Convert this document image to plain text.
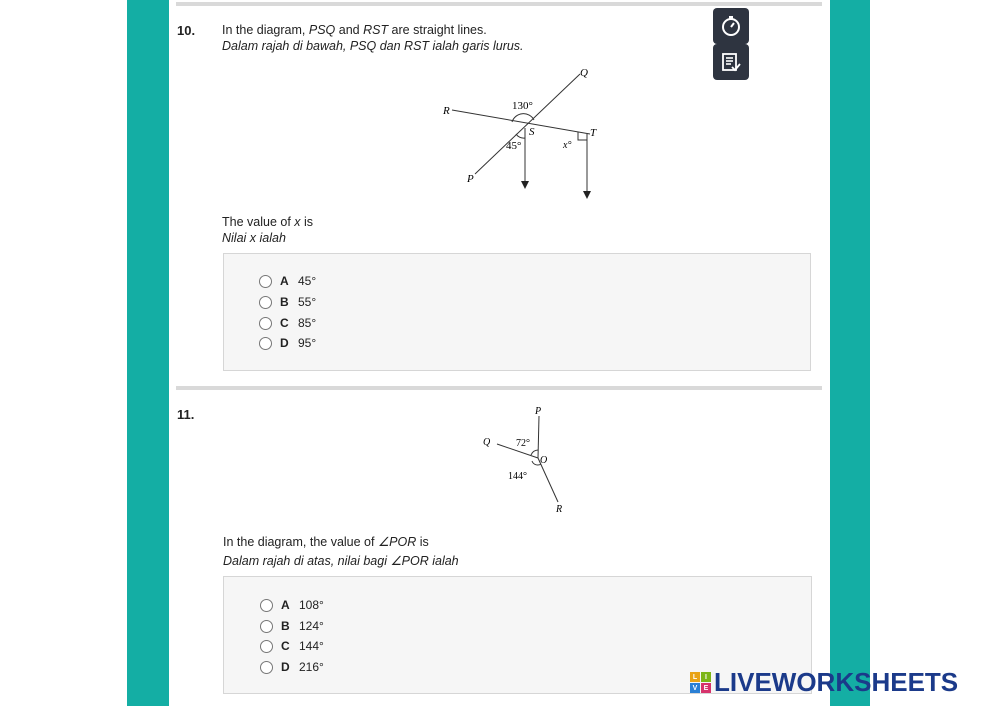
10. In the diagram, PSQ and RST are straight lines.
Dalam rajah di bawah, PSQ dan RST ialah garis lurus.
Q
R	130°
S	T
45°	x°
P
The value of x is
Nilai x ialah
A 45°
B 55°
C 85°
D 95°
11.	P
Q	72°
O
144°
R
In the diagram, the value of ∠POR is
Dalam rajah di atas, nilai bagi ∠POR ialah
A 108°
B 124°
C 144°
D 216°
L	I
V E LIVEWORKSHEETS
